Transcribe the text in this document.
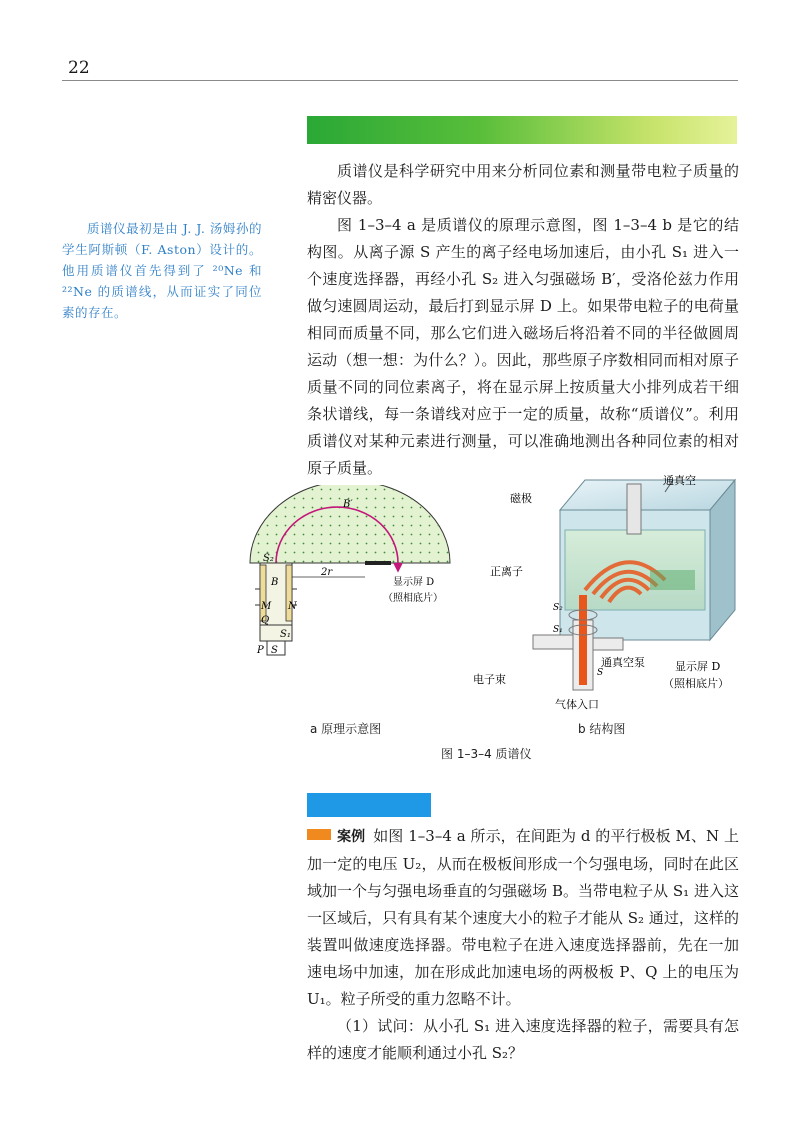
22
质谱仪最初是由 J. J. 汤姆孙的学生阿斯顿（F. Aston）设计的。他用质谱仪首先得到了 ²⁰Ne 和 ²²Ne 的质谱线，从而证实了同位素的存在。

质谱仪是科学研究中用来分析同位素和测量带电粒子质量的精密仪器。

图 1–3–4 a 是质谱仪的原理示意图，图 1–3–4 b 是它的结构图。从离子源 S 产生的离子经电场加速后，由小孔 S₁ 进入一个速度选择器，再经小孔 S₂ 进入匀强磁场 B′，受洛伦兹力作用做匀速圆周运动，最后打到显示屏 D 上。如果带电粒子的电荷量相同而质量不同，那么它们进入磁场后将沿着不同的半径做圆周运动（想一想：为什么？）。因此，那些原子序数相同而相对原子质量不同的同位素离子，将在显示屏上按质量大小排列成若干细条状谱线，每一条谱线对应于一定的质量，故称“质谱仪”。利用质谱仪对某种元素进行测量，可以准确地测出各种同位素的相对原子质量。

B′
S₂
B
M N
Q
S₁
P S
2r
显示屏 D
（照相底片）
通真空
磁极
正离子
S₂
S₁
S
通真空泵	显示屏 D
（照相底片）
电子束
气体入口
a 原理示意图	b 结构图
图 1–3–4 质谱仪

案例 如图 1–3–4 a 所示，在间距为 d 的平行极板 M、N 上加一定的电压 U₂，从而在极板间形成一个匀强电场，同时在此区域加一个与匀强电场垂直的匀强磁场 B。当带电粒子从 S₁ 进入这一区域后，只有具有某个速度大小的粒子才能从 S₂ 通过，这样的装置叫做速度选择器。带电粒子在进入速度选择器前，先在一加速电场中加速，加在形成此加速电场的两极板 P、Q 上的电压为 U₁。粒子所受的重力忽略不计。

（1）试问：从小孔 S₁ 进入速度选择器的粒子，需要具有怎样的速度才能顺利通过小孔 S₂？
